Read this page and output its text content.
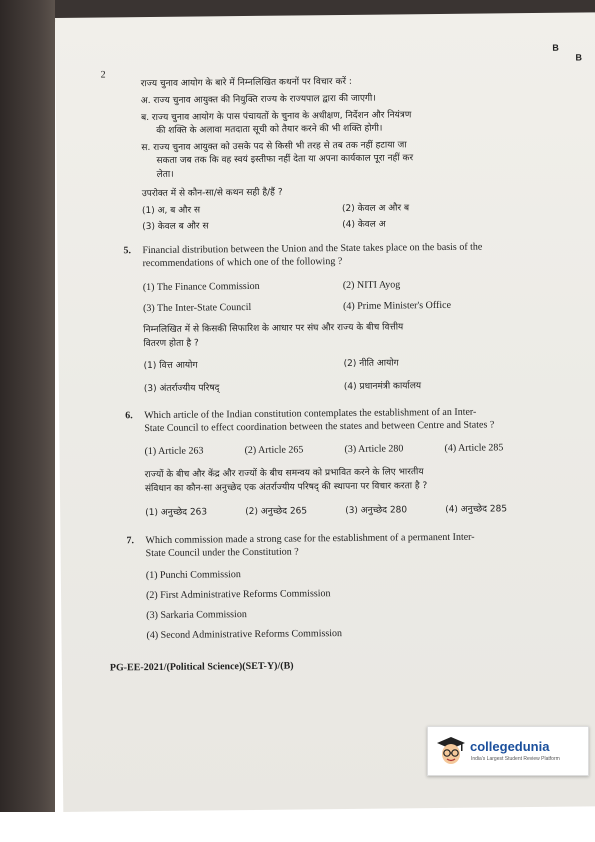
B
B
2
राज्य चुनाव आयोग के बारे में निम्नलिखित कथनों पर विचार करें :
अ. राज्य चुनाव आयुक्त की नियुक्ति राज्य के राज्यपाल द्वारा की जाएगी।
ब. राज्य चुनाव आयोग के पास पंचायतों के चुनाव के अधीक्षण, निर्देशन और नियंत्रण
की शक्ति के अलावा मतदाता सूची को तैयार करने की भी शक्ति होगी।
स. राज्य चुनाव आयुक्त को उसके पद से किसी भी तरह से तब तक नहीं हटाया जा
सकता जब तक कि वह स्वयं इस्तीफा नहीं देता या अपना कार्यकाल पूरा नहीं कर
लेता।
उपरोक्त में से कौन-सा/से कथन सही है/हैं ?
(1) अ, ब और स	(2) केवल अ और ब
(3) केवल ब और स	(4) केवल अ
5. Financial distribution between the Union and the State takes place on the basis of the
recommendations of which one of the following ?
(1) The Finance Commission	(2) NITI Ayog
(3) The Inter-State Council	(4) Prime Minister's Office
निम्नलिखित में से किसकी सिफारिश के आधार पर संघ और राज्य के बीच वित्तीय
वितरण होता है ?
(1) वित्त आयोग	(2) नीति आयोग
(3) अंतर्राज्यीय परिषद्	(4) प्रधानमंत्री कार्यालय
6. Which article of the Indian constitution contemplates the establishment of an Inter-
State Council to effect coordination between the states and between Centre and States ?
(1) Article 263	(2) Article 265	(3) Article 280	(4) Article 285
राज्यों के बीच और केंद्र और राज्यों के बीच समन्वय को प्रभावित करने के लिए भारतीय
संविधान का कौन-सा अनुच्छेद एक अंतर्राज्यीय परिषद् की स्थापना पर विचार करता है ?
(1) अनुच्छेद 263	(2) अनुच्छेद 265	(3) अनुच्छेद 280	(4) अनुच्छेद 285
7. Which commission made a strong case for the establishment of a permanent Inter-
State Council under the Constitution ?
(1) Punchi Commission
(2) First Administrative Reforms Commission
(3) Sarkaria Commission
(4) Second Administrative Reforms Commission
PG-EE-2021/(Political Science)(SET-Y)/(B)
collegedunia
India's Largest Student Review Platform
